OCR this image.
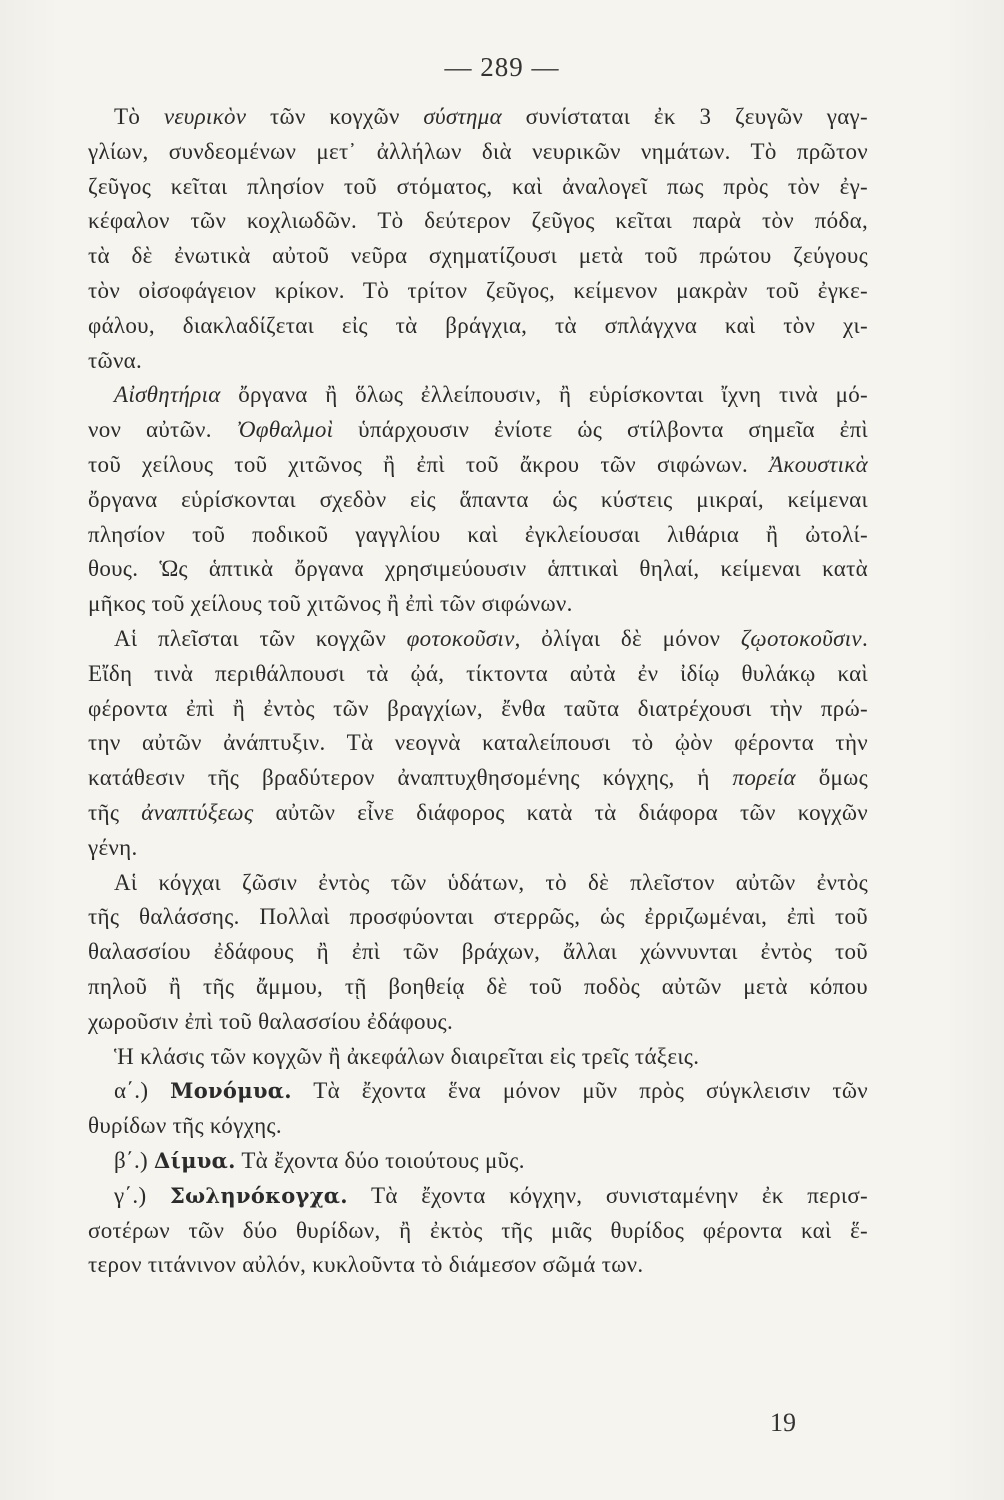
— 289 —
Τὸ νευρικὸν τῶν κογχῶν σύστημα συνίσταται ἐκ 3 ζευγῶν γαγ-
γλίων, συνδεομένων μετ᾽ ἀλλήλων διὰ νευρικῶν νημάτων. Τὸ πρῶτον
ζεῦγος κεῖται πλησίον τοῦ στόματος, καὶ ἀναλογεῖ πως πρὸς τὸν ἐγ-
κέφαλον τῶν κοχλιωδῶν. Τὸ δεύτερον ζεῦγος κεῖται παρὰ τὸν πόδα,
τὰ δὲ ἐνωτικὰ αὐτοῦ νεῦρα σχηματίζουσι μετὰ τοῦ πρώτου ζεύγους
τὸν οἰσοφάγειον κρίκον. Τὸ τρίτον ζεῦγος, κείμενον μακρὰν τοῦ ἐγκε-
φάλου, διακλαδίζεται εἰς τὰ βράγχια, τὰ σπλάγχνα καὶ τὸν χι-
τῶνα.
Αἰσθητήρια ὄργανα ἢ ὅλως ἐλλείπουσιν, ἢ εὑρίσκονται ἴχνη τινὰ μό-
νον αὐτῶν. Ὀφθαλμοὶ ὑπάρχουσιν ἐνίοτε ὡς στίλβοντα σημεῖα ἐπὶ
τοῦ χείλους τοῦ χιτῶνος ἢ ἐπὶ τοῦ ἄκρου τῶν σιφώνων. Ἀκουστικὰ
ὄργανα εὑρίσκονται σχεδὸν εἰς ἅπαντα ὡς κύστεις μικραί, κείμεναι
πλησίον τοῦ ποδικοῦ γαγγλίου καὶ ἐγκλείουσαι λιθάρια ἢ ὠτολί-
θους. Ὡς ἁπτικὰ ὄργανα χρησιμεύουσιν ἁπτικαὶ θηλαί, κείμεναι κατὰ
μῆκος τοῦ χείλους τοῦ χιτῶνος ἢ ἐπὶ τῶν σιφώνων.
Αἱ πλεῖσται τῶν κογχῶν φοτοκοῦσιν, ὀλίγαι δὲ μόνον ζῳοτοκοῦσιν.
Εἴδη τινὰ περιθάλπουσι τὰ ᾠά, τίκτοντα αὐτὰ ἐν ἰδίῳ θυλάκῳ καὶ
φέροντα ἐπὶ ἢ ἐντὸς τῶν βραγχίων, ἔνθα ταῦτα διατρέχουσι τὴν πρώ-
την αὐτῶν ἀνάπτυξιν. Τὰ νεογνὰ καταλείπουσι τὸ ᾠὸν φέροντα τὴν
κατάθεσιν τῆς βραδύτερον ἀναπτυχθησομένης κόγχης, ἡ πορεία ὅμως
τῆς ἀναπτύξεως αὐτῶν εἶνε διάφορος κατὰ τὰ διάφορα τῶν κογχῶν
γένη.
Αἱ κόγχαι ζῶσιν ἐντὸς τῶν ὑδάτων, τὸ δὲ πλεῖστον αὐτῶν ἐντὸς
τῆς θαλάσσης. Πολλαὶ προσφύονται στερρῶς, ὡς ἐρριζωμέναι, ἐπὶ τοῦ
θαλασσίου ἐδάφους ἢ ἐπὶ τῶν βράχων, ἄλλαι χώννυνται ἐντὸς τοῦ
πηλοῦ ἢ τῆς ἄμμου, τῇ βοηθείᾳ δὲ τοῦ ποδὸς αὐτῶν μετὰ κόπου
χωροῦσιν ἐπὶ τοῦ θαλασσίου ἐδάφους.
Ἡ κλάσις τῶν κογχῶν ἢ ἀκεφάλων διαιρεῖται εἰς τρεῖς τάξεις.
α΄.) Μονόμυα. Τὰ ἔχοντα ἕνα μόνον μῦν πρὸς σύγκλεισιν τῶν
θυρίδων τῆς κόγχης.
β΄.) Δίμυα. Τὰ ἔχοντα δύο τοιούτους μῦς.
γ΄.) Σωληνόκογχα. Τὰ ἔχοντα κόγχην, συνισταμένην ἐκ περισ-
σοτέρων τῶν δύο θυρίδων, ἢ ἐκτὸς τῆς μιᾶς θυρίδος φέροντα καὶ ἕ-
τερον τιτάνινον αὐλόν, κυκλοῦντα τὸ διάμεσον σῶμά των.
19
